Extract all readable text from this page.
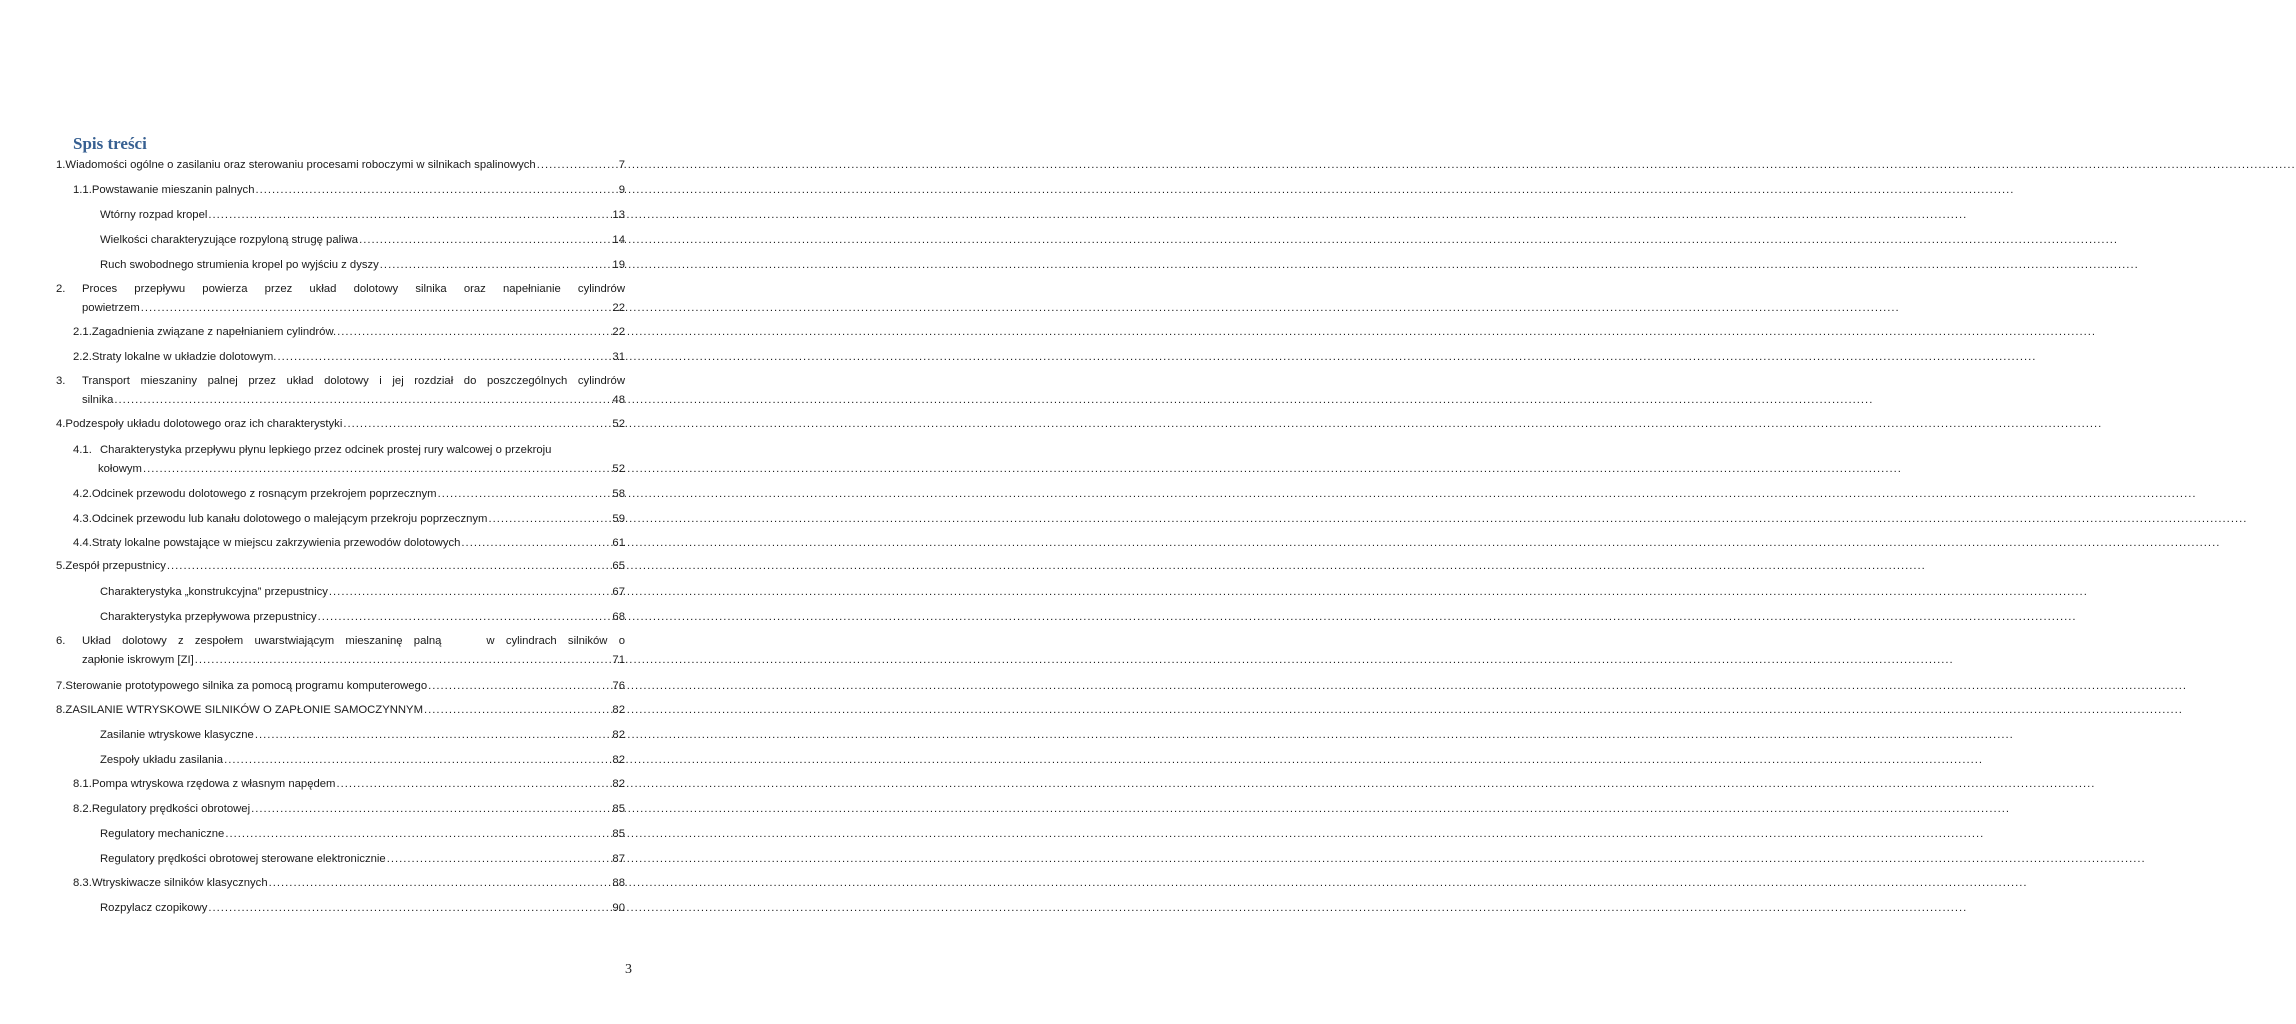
Spis treści
1. Wiadomości ogólne o zasilaniu oraz sterowaniu procesami roboczymi w silnikach spalinowych .....	7
1.1. Powstawanie mieszanin palnych .....	9
Wtórny rozpad kropel .....	13
Wielkości charakteryzujące rozpyloną strugę paliwa .....	14
Ruch swobodnego strumienia kropel po wyjściu z dyszy .....	19
2.	Proces przepływu powierza przez układ dolotowy silnika oraz napełnianie cylindrów
powietrzem .....	22
2.1. Zagadnienia związane z napełnianiem cylindrów. .....	22
2.2. Straty lokalne w układzie dolotowym. .....	31
3.	Transport mieszaniny palnej przez układ dolotowy i jej rozdział do poszczególnych cylindrów
silnika .....	48
4. Podzespoły układu dolotowego oraz ich charakterystyki .....	52
4.1. Charakterystyka przepływu płynu lepkiego przez odcinek prostej rury walcowej o przekroju
kołowym .....	52
4.2. Odcinek przewodu dolotowego z rosnącym przekrojem poprzecznym .....	58
4.3. Odcinek przewodu lub kanału dolotowego o malejącym przekroju poprzecznym .....	59
4.4. Straty lokalne powstające w miejscu zakrzywienia przewodów dolotowych .....	61
5. Zespół przepustnicy .....	65
Charakterystyka „konstrukcyjna” przepustnicy .....	67
Charakterystyka przepływowa przepustnicy .....	68
6.	Układ dolotowy z zespołem uwarstwiającym mieszaninę palną    w cylindrach silników o
zapłonie iskrowym [ZI] .....	71
7. Sterowanie prototypowego silnika za pomocą programu komputerowego .....	76
8. ZASILANIE WTRYSKOWE SILNIKÓW O ZAPŁONIE SAMOCZYNNYM .....	82
Zasilanie wtryskowe klasyczne .....	82
Zespoły układu zasilania .....	82
8.1. Pompa wtryskowa rzędowa z własnym napędem .....	82
8.2. Regulatory prędkości obrotowej .....	85
Regulatory mechaniczne .....	85
Regulatory prędkości obrotowej sterowane elektronicznie .....	87
8.3. Wtryskiwacze silników klasycznych .....	88
Rozpylacz czopikowy .....	90
3
